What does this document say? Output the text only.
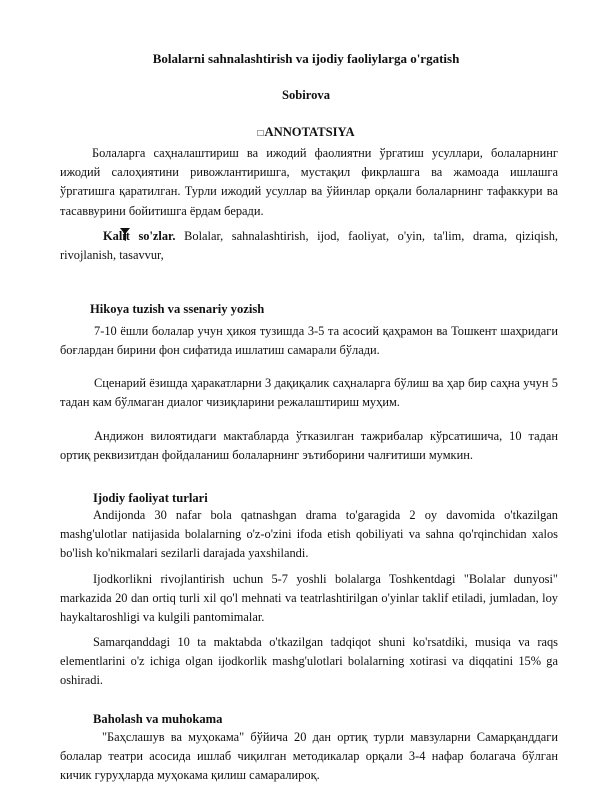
Bolalarni sahnalashtirish va ijodiy faoliylarga o'rgatish
Sobirova
□ANNOTATSIYA

Болаларга саҳналаштириш ва ижодий фаолиятни ўргатиш усуллари, болаларнинг ижодий салоҳиятини ривожлантиришга, мустақил фикрлашга ва жамоада ишлашга ўргатишга қаратилган. Турли ижодий усуллар ва ўйинлар орқали болаларнинг тафаккури ва тасаввурини бойитишга ёрдам беради.

Kalit so'zlar. Bolalar, sahnalashtirish, ijod, faoliyat, o'yin, ta'lim, drama, qiziqish, rivojlanish, tasavvur,

Hikoya tuzish va ssenariy yozish

7-10 ёшли болалар учун ҳикоя тузишда 3-5 та асосий қаҳрамон ва Тошкент шаҳридаги боғлардан бирини фон сифатида ишлатиш самарали бўлади.

Сценарий ёзишда ҳаракатларни 3 дақиқалик саҳналарга бўлиш ва ҳар бир саҳна учун 5 тадан кам бўлмаган диалог чизиқларини режалаштириш муҳим.

Андижон вилоятидаги мактабларда ўтказилган тажрибалар кўрсатишича, 10 тадан ортиқ реквизитдан фойдаланиш болаларнинг эътиборини чалғитиши мумкин.

Ijodiy faoliyat turlari

Andijonda 30 nafar bola qatnashgan drama to'garagida 2 oy davomida o'tkazilgan mashg'ulotlar natijasida bolalarning o'z-o'zini ifoda etish qobiliyati va sahna qo'rqinchidan xalos bo'lish ko'nikmalari sezilarli darajada yaxshilandi.

Ijodkorlikni rivojlantirish uchun 5-7 yoshli bolalarga Toshkentdagi "Bolalar dunyosi" markazida 20 dan ortiq turli xil qo'l mehnati va teatrlashtirilgan o'yinlar taklif etiladi, jumladan, loy haykaltaroshligi va kulgili pantomimalar.

Samarqanddagi 10 ta maktabda o'tkazilgan tadqiqot shuni ko'rsatdiki, musiqa va raqs elementlarini o'z ichiga olgan ijodkorlik mashg'ulotlari bolalarning xotirasi va diqqatini 15% ga oshiradi.

Baholash va muhokama

"Баҳслашув ва муҳокама" бўйича 20 дан ортиқ турли мавзуларни Самарқанддаги болалар театри асосида ишлаб чиқилган методикалар орқали 3-4 нафар болагача бўлган кичик гуруҳларда муҳокама қилиш самаралироқ.
